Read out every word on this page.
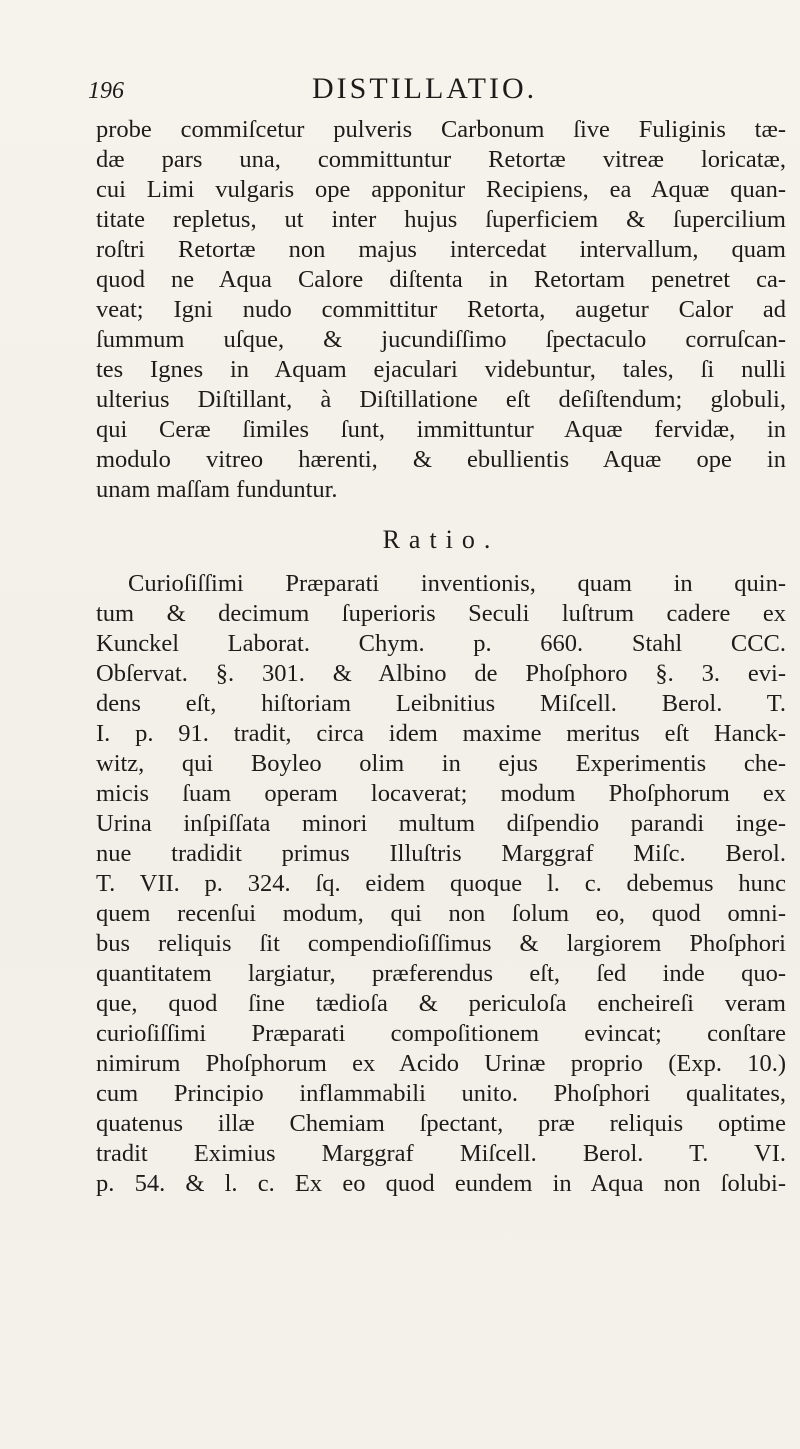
196	DISTILLATIO.
probe commiſcetur pulveris Carbonum ſive Fuliginis tæ-
dæ pars una, committuntur Retortæ vitreæ loricatæ,
cui Limi vulgaris ope apponitur Recipiens, ea Aquæ quan-
titate repletus, ut inter hujus ſuperficiem & ſupercilium
roſtri Retortæ non majus intercedat intervallum, quam
quod ne Aqua Calore diſtenta in Retortam penetret ca-
veat; Igni nudo committitur Retorta, augetur Calor ad
ſummum uſque, & jucundiſſimo ſpectaculo corruſcan-
tes Ignes in Aquam ejaculari videbuntur, tales, ſi nulli
ulterius Diſtillant, à Diſtillatione eſt deſiſtendum; globuli,
qui Ceræ ſimiles ſunt, immittuntur Aquæ fervidæ, in
modulo vitreo hærenti, & ebullientis Aquæ ope in
unam maſſam funduntur.
Ratio.
Curioſiſſimi Præparati inventionis, quam in quin-
tum & decimum ſuperioris Seculi luſtrum cadere ex
Kunckel Laborat. Chym. p. 660. Stahl CCC.
Obſervat. §. 301. & Albino de Phoſphoro §. 3. evi-
dens eſt, hiſtoriam Leibnitius Miſcell. Berol. T.
I. p. 91. tradit, circa idem maxime meritus eſt Hanck-
witz, qui Boyleo olim in ejus Experimentis che-
micis ſuam operam locaverat; modum Phoſphorum ex
Urina inſpiſſata minori multum diſpendio parandi inge-
nue tradidit primus Illuſtris Marggraf Miſc. Berol.
T. VII. p. 324. ſq. eidem quoque l. c. debemus hunc
quem recenſui modum, qui non ſolum eo, quod omni-
bus reliquis ſit compendioſiſſimus & largiorem Phoſphori
quantitatem largiatur, præferendus eſt, ſed inde quo-
que, quod ſine tædioſa & periculoſa encheireſi veram
curioſiſſimi Præparati compoſitionem evincat; conſtare
nimirum Phoſphorum ex Acido Urinæ proprio (Exp. 10.)
cum Principio inflammabili unito. Phoſphori qualitates,
quatenus illæ Chemiam ſpectant, præ reliquis optime
tradit Eximius Marggraf Miſcell. Berol. T. VI.
p. 54. & l. c. Ex eo quod eundem in Aqua non ſolubi-
